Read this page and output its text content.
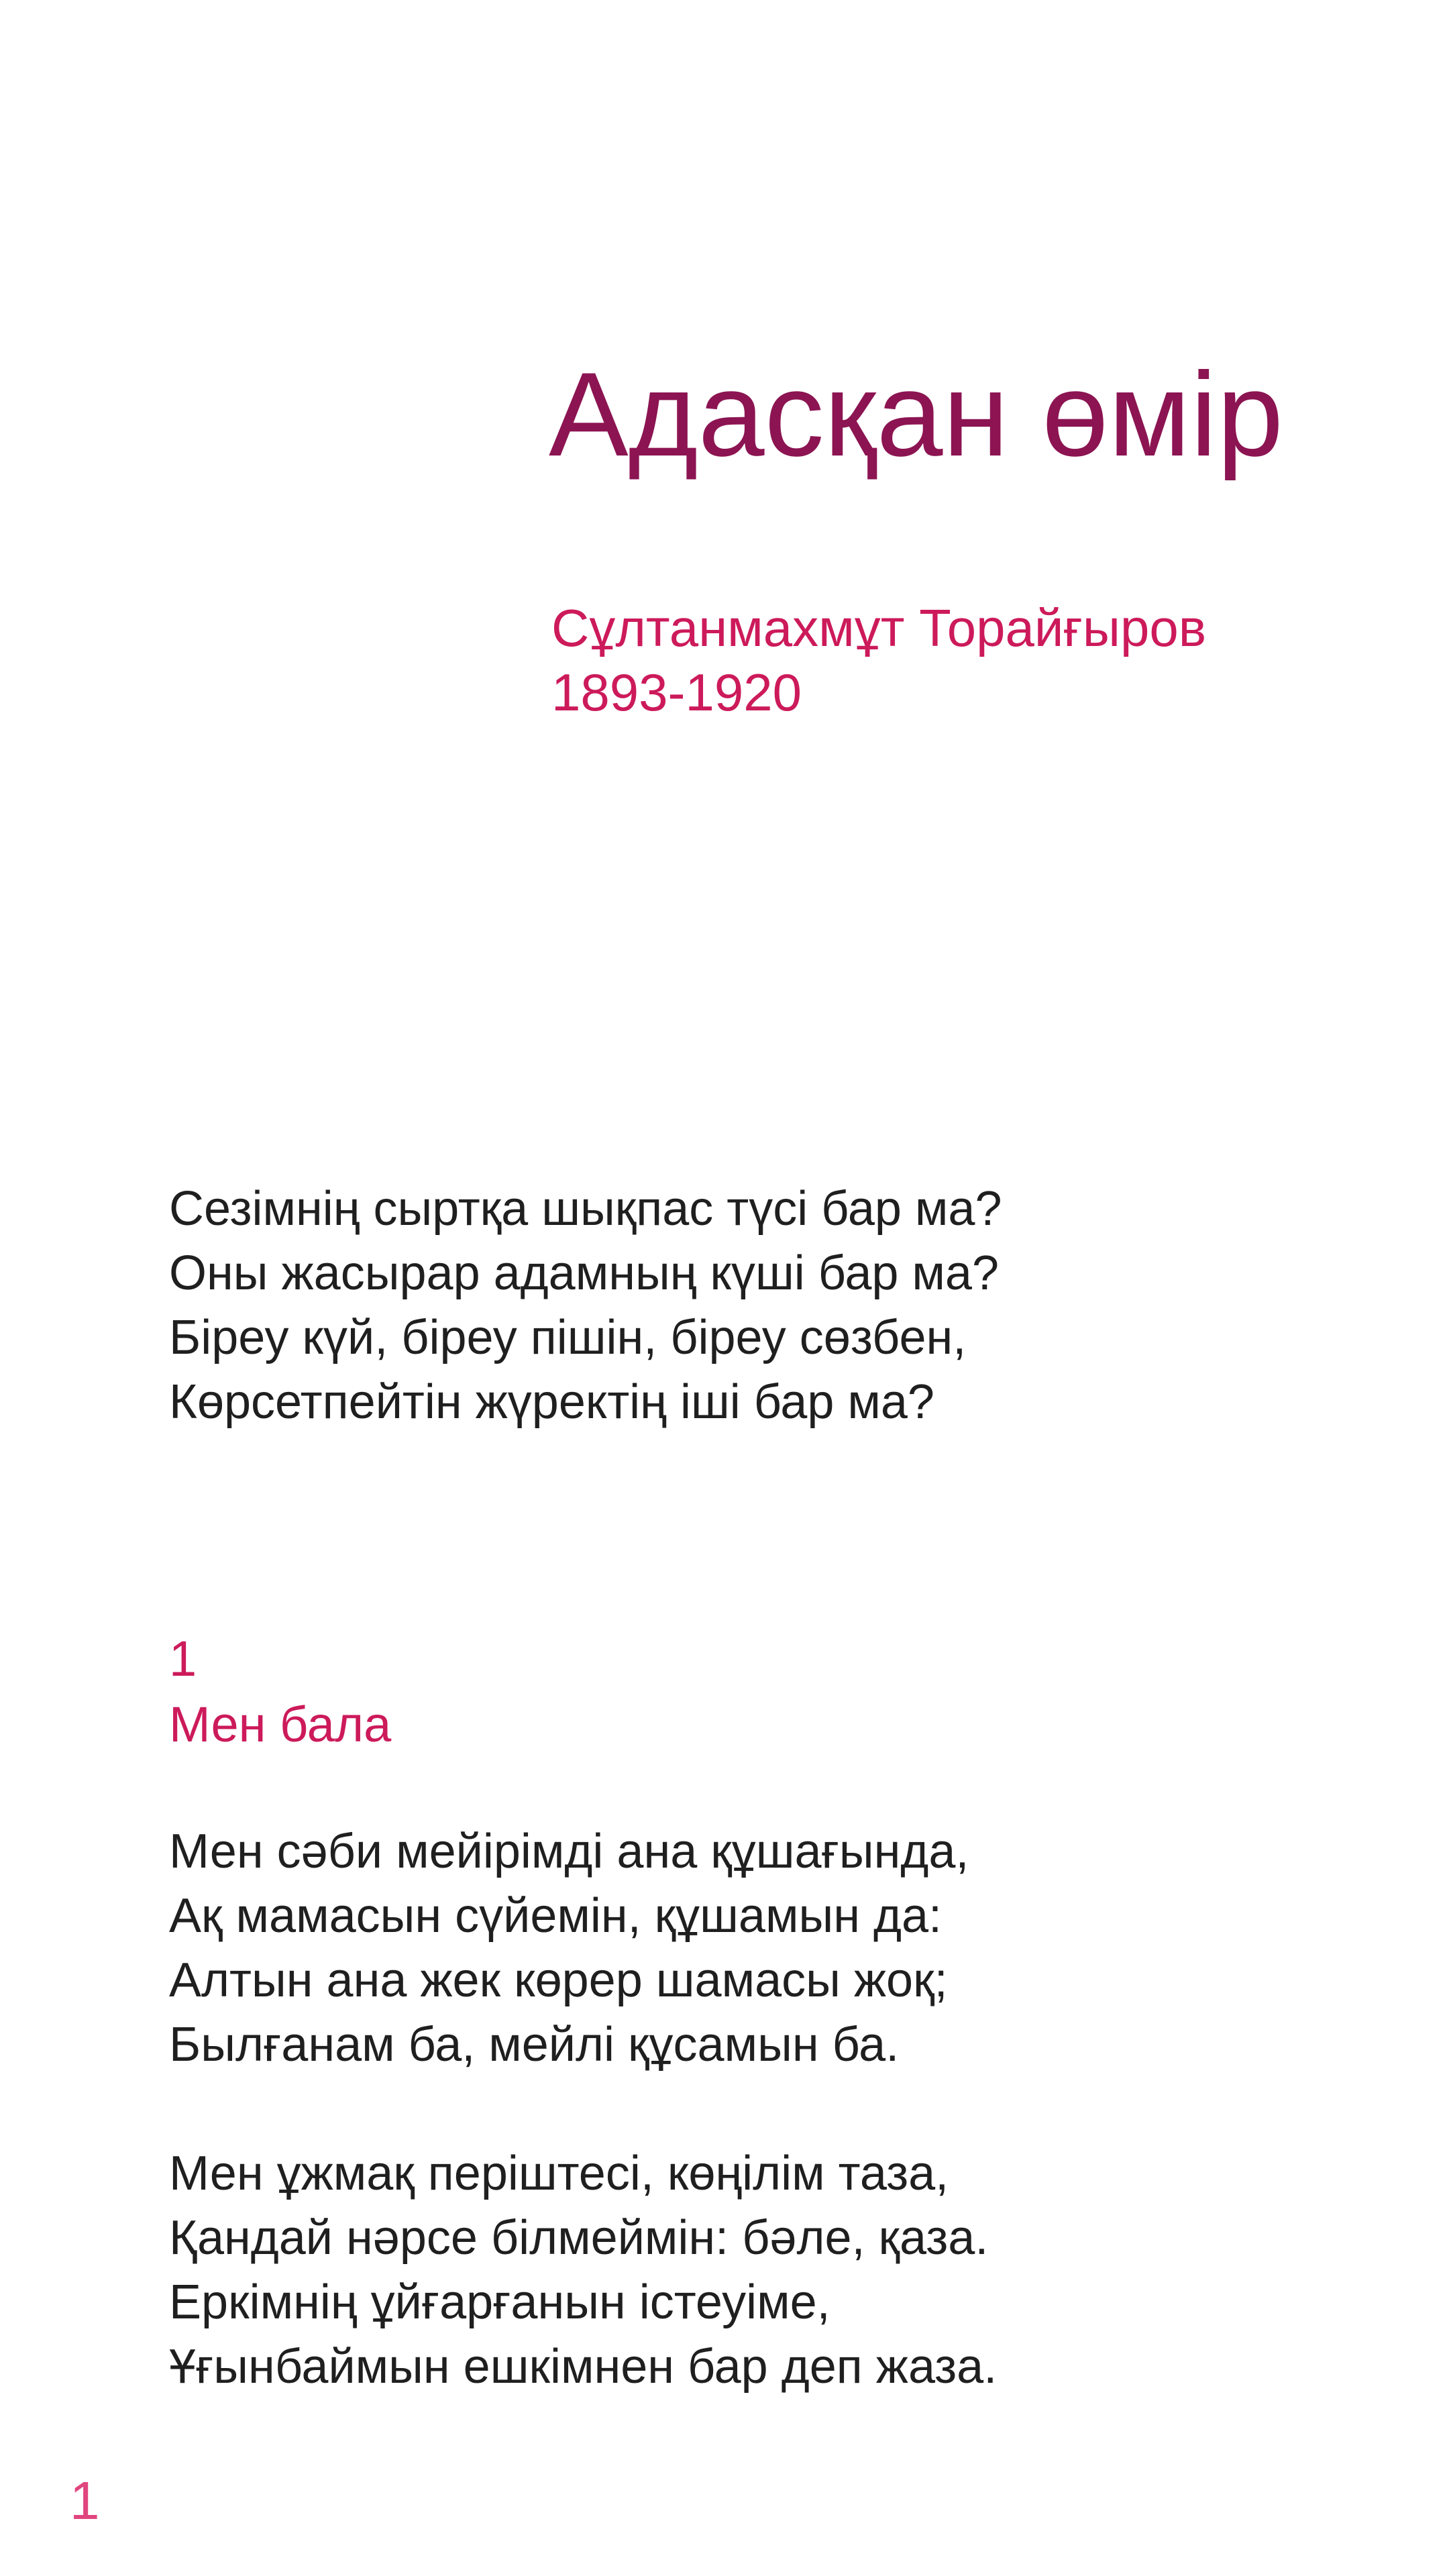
Адасқан өмір
Сұлтанмахмұт Торайғыров
1893-1920
Сезімнің сыртқа шықпас түсі бар ма?
Оны жасырар адамның күші бар ма?
Біреу күй, біреу пішін, біреу сөзбен,
Көрсетпейтін жүректің іші бар ма?
1
Мен бала
Мен сәби мейірімді ана құшағында,
Ақ мамасын сүйемін, құшамын да:
Алтын ана жек көрер шамасы жоқ;
Былғанам ба, мейлі құсамын ба.
Мен ұжмақ перiштесі, көңілім таза,
Қандай нәрсе білмеймін: бәле, қаза.
Еркімнің ұйғарғанын істеуіме,
Ұғынбаймын ешкімнен бар деп жаза.
1
